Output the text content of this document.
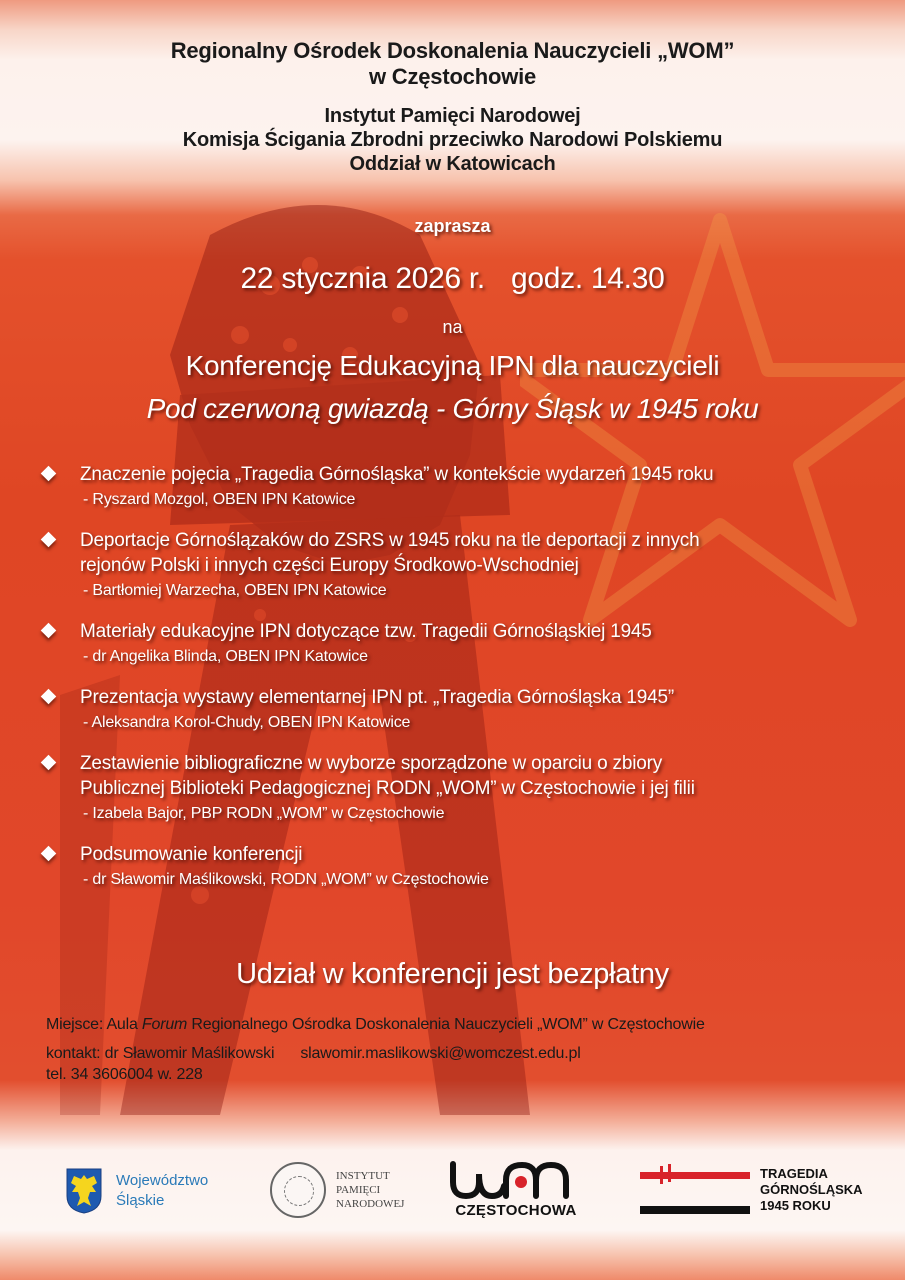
Regionalny Ośrodek Doskonalenia Nauczycieli „WOM”
w Częstochowie
Instytut Pamięci Narodowej
Komisja Ścigania Zbrodni przeciwko Narodowi Polskiemu
Oddział w Katowicach
zaprasza
22 stycznia 2026 r. godz. 14.30
na
Konferencję Edukacyjną IPN dla nauczycieli
Pod czerwoną gwiazdą - Górny Śląsk w 1945 roku
Znaczenie pojęcia „Tragedia Górnośląska” w kontekście wydarzeń 1945 roku
- Ryszard Mozgol, OBEN IPN Katowice
Deportacje Górnoślązaków do ZSRS w 1945 roku na tle deportacji z innych
rejonów Polski i innych części Europy Środkowo-Wschodniej
- Bartłomiej Warzecha, OBEN IPN Katowice
Materiały edukacyjne IPN dotyczące tzw. Tragedii Górnośląskiej 1945
- dr Angelika Blinda, OBEN IPN Katowice
Prezentacja wystawy elementarnej IPN pt. „Tragedia Górnośląska 1945”
- Aleksandra Korol-Chudy, OBEN IPN Katowice
Zestawienie bibliograficzne w wyborze sporządzone w oparciu o zbiory
Publicznej Biblioteki Pedagogicznej RODN „WOM” w Częstochowie i jej filii
- Izabela Bajor, PBP RODN „WOM” w Częstochowie
Podsumowanie konferencji
- dr Sławomir Maślikowski, RODN „WOM” w Częstochowie
Udział w konferencji jest bezpłatny
Miejsce: Aula Forum Regionalnego Ośrodka Doskonalenia Nauczycieli „WOM” w Częstochowie
kontakt: dr Sławomir Maślikowski slawomir.maslikowski@womczest.edu.pl
tel. 34 3606004 w. 228
Województwo
Śląskie
INSTYTUT
PAMIĘCI
NARODOWEJ	CZĘSTOCHOWA
TRAGEDIA
GÓRNOŚLĄSKA
1945 ROKU
